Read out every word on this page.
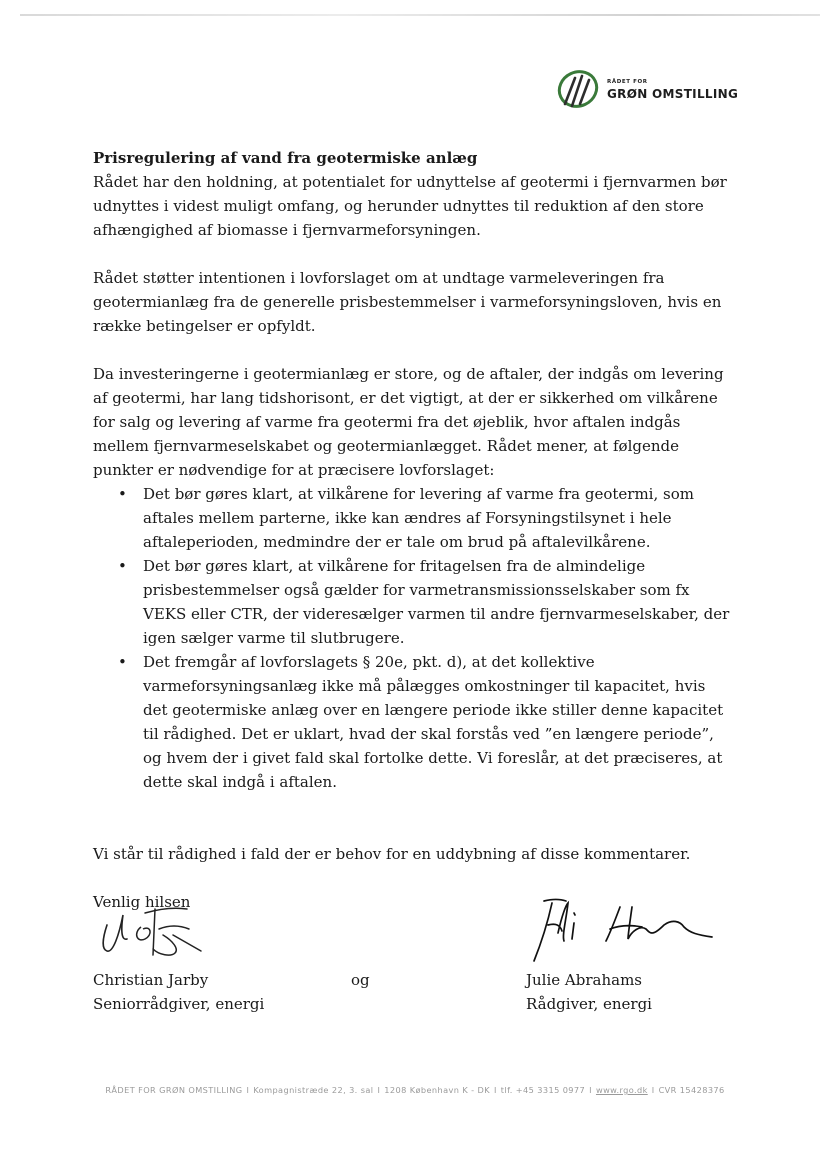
RÅDET FOR
GRØN OMSTILLING

Prisregulering af vand fra geotermiske anlæg

Rådet har den holdning, at potentialet for udnyttelse af geotermi i fjernvarmen bør udnyttes i videst muligt omfang, og herunder udnyttes til reduktion af den store afhængighed af biomasse i fjernvarmeforsyningen.

Rådet støtter intentionen i lovforslaget om at undtage varmeleveringen fra geotermianlæg fra de generelle prisbestemmelser i varmeforsyningsloven, hvis en række betingelser er opfyldt.

Da investeringerne i geotermianlæg er store, og de aftaler, der indgås om levering af geotermi, har lang tidshorisont, er det vigtigt, at der er sikkerhed om vilkårene for salg og levering af varme fra geotermi fra det øjeblik, hvor aftalen indgås mellem fjernvarmeselskabet og geotermianlægget. Rådet mener, at følgende punkter er nødvendige for at præcisere lovforslaget:

• Det bør gøres klart, at vilkårene for levering af varme fra geotermi, som aftales mellem parterne, ikke kan ændres af Forsyningstilsynet i hele aftaleperioden, medmindre der er tale om brud på aftalevilkårene.
• Det bør gøres klart, at vilkårene for fritagelsen fra de almindelige prisbestemmelser også gælder for varmetransmissionsselskaber som fx VEKS eller CTR, der videresælger varmen til andre fjernvarmeselskaber, der igen sælger varme til slutbrugere.
• Det fremgår af lovforslagets § 20e, pkt. d), at det kollektive varmeforsyningsanlæg ikke må pålægges omkostninger til kapacitet, hvis det geotermiske anlæg over en længere periode ikke stiller denne kapacitet til rådighed. Det er uklart, hvad der skal forstås ved ”en længere periode”, og hvem der i givet fald skal fortolke dette. Vi foreslår, at det præciseres, at dette skal indgå i aftalen.

Vi står til rådighed i fald der er behov for en uddybning af disse kommentarer.

Venlig hilsen

Christian Jarby
Seniorrådgiver, energi
og	Julie Abrahams
Rådgiver, energi
RÅDET FOR GRØN OMSTILLING I Kompagnistræde 22, 3. sal I 1208 København K - DK I tlf. +45 3315 0977 I www.rgo.dk I CVR 15428376
